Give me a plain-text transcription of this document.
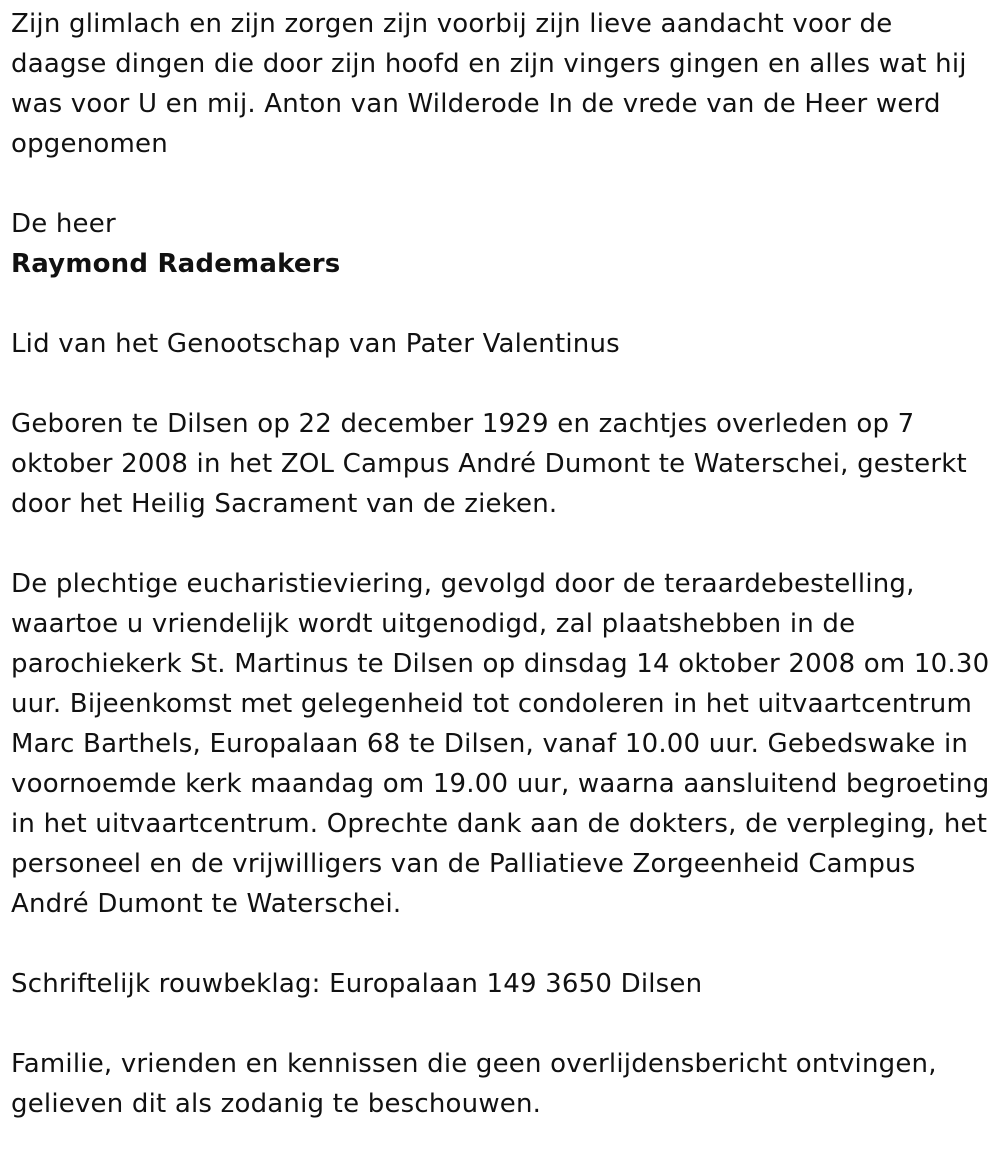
Zijn glimlach en zijn zorgen zijn voorbij zijn lieve aandacht voor de daagse dingen die door zijn hoofd en zijn vingers gingen en alles wat hij was voor U en mij. Anton van Wilderode In de vrede van de Heer werd opgenomen

De heer

Raymond Rademakers

Lid van het Genootschap van Pater Valentinus

Geboren te Dilsen op 22 december 1929 en zachtjes overleden op 7 oktober 2008 in het ZOL Campus André Dumont te Waterschei, gesterkt door het Heilig Sacrament van de zieken.

De plechtige eucharistieviering, gevolgd door de teraardebestelling, waartoe u vriendelijk wordt uitgenodigd, zal plaatshebben in de parochiekerk St. Martinus te Dilsen op dinsdag 14 oktober 2008 om 10.30 uur. Bijeenkomst met gelegenheid tot condoleren in het uitvaartcentrum Marc Barthels, Europalaan 68 te Dilsen, vanaf 10.00 uur. Gebedswake in voornoemde kerk maandag om 19.00 uur, waarna aansluitend begroeting in het uitvaartcentrum. Oprechte dank aan de dokters, de verpleging, het personeel en de vrijwilligers van de Palliatieve Zorgeenheid Campus André Dumont te Waterschei.

Schriftelijk rouwbeklag: Europalaan 149 3650 Dilsen

Familie, vrienden en kennissen die geen overlijdensbericht ontvingen, gelieven dit als zodanig te beschouwen.
